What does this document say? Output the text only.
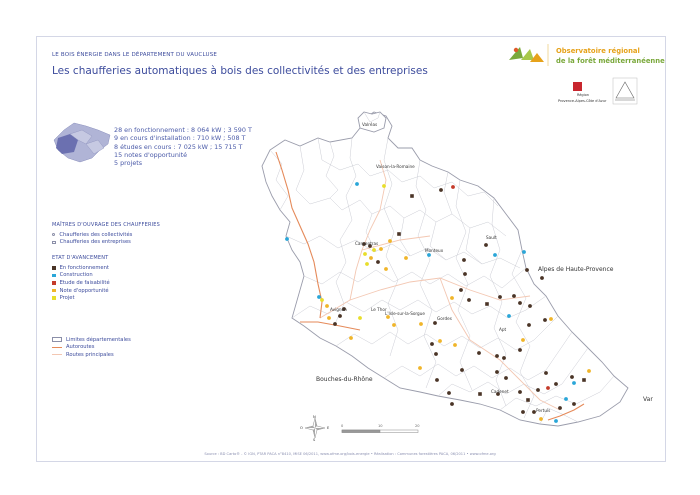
LE BOIS ÉNERGIE DANS LE DÉPARTEMENT DU VAUCLUSE
Les chaufferies automatiques à bois des collectivités et des entreprises
28 en fonctionnement : 8 064 kW ; 3 590 T
9 en cours d'installation : 710 kW ; 508 T
8 études en cours : 7 025 kW ; 15 715 T
15 notes d'opportunité
5 projets
Observatoire régional
de la forêt méditerranéenne
Région
Provence-Alpes-Côte d'Azur
MAÎTRES D'OUVRAGE DES CHAUFFERIES
Chaufferies des collectivités
Chaufferies des entreprises
ETAT D'AVANCEMENT
En fonctionnement
Construction
Etude de faisabilité
Note d'opportunité
Projet
Limites départementales
Autoroutes
Routes principales
Valréas
Vaison-la-Romaine
Carpentras
Monteux
Sault
Avignon	Le Thor
L'Isle-sur-la-Sorgue
Gordes
Apt
Cadenet
Pertuis
Alpes de Haute-Provence
Bouches-du-Rhône
Var
N
E
S
O	0	10	20
Source : BD Carto® - © IGN, PTAR PACA n°8410, MISE 06/2011, www.ofme.org/bois-energie • Réalisation : Communes forestières PACA, 06/2011 • www.ofme.org
